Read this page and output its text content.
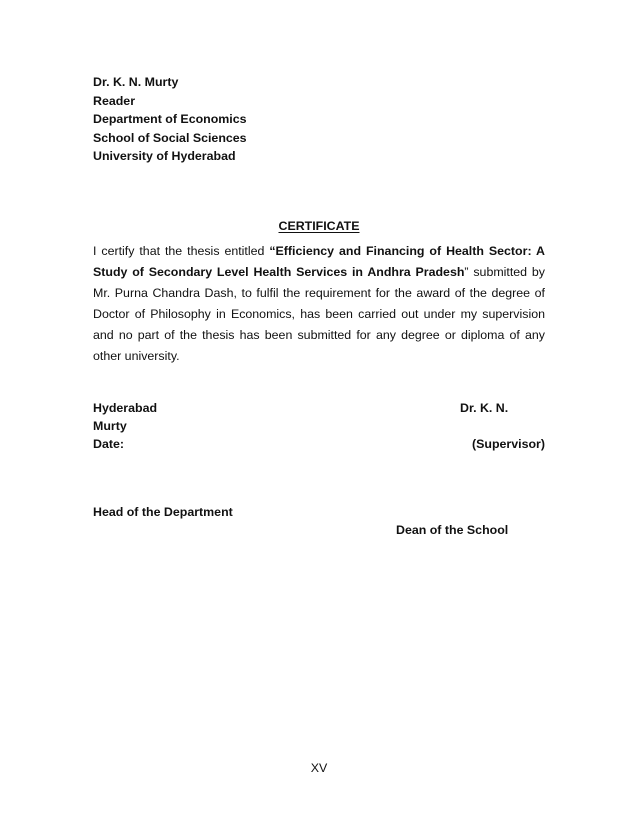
Dr. K. N. Murty
Reader
Department of Economics
School of Social Sciences
University of Hyderabad
CERTIFICATE
I certify that the thesis entitled “Efficiency and Financing of Health Sector: A Study of Secondary Level Health Services in Andhra Pradesh” submitted by Mr. Purna Chandra Dash, to fulfil the requirement for the award of the degree of Doctor of Philosophy in Economics, has been carried out under my supervision and no part of the thesis has been submitted for any degree or diploma of any other university.
Hyderabad	Dr. K. N.
Murty
Date:	(Supervisor)
Head of the Department
Dean of the School
XV
